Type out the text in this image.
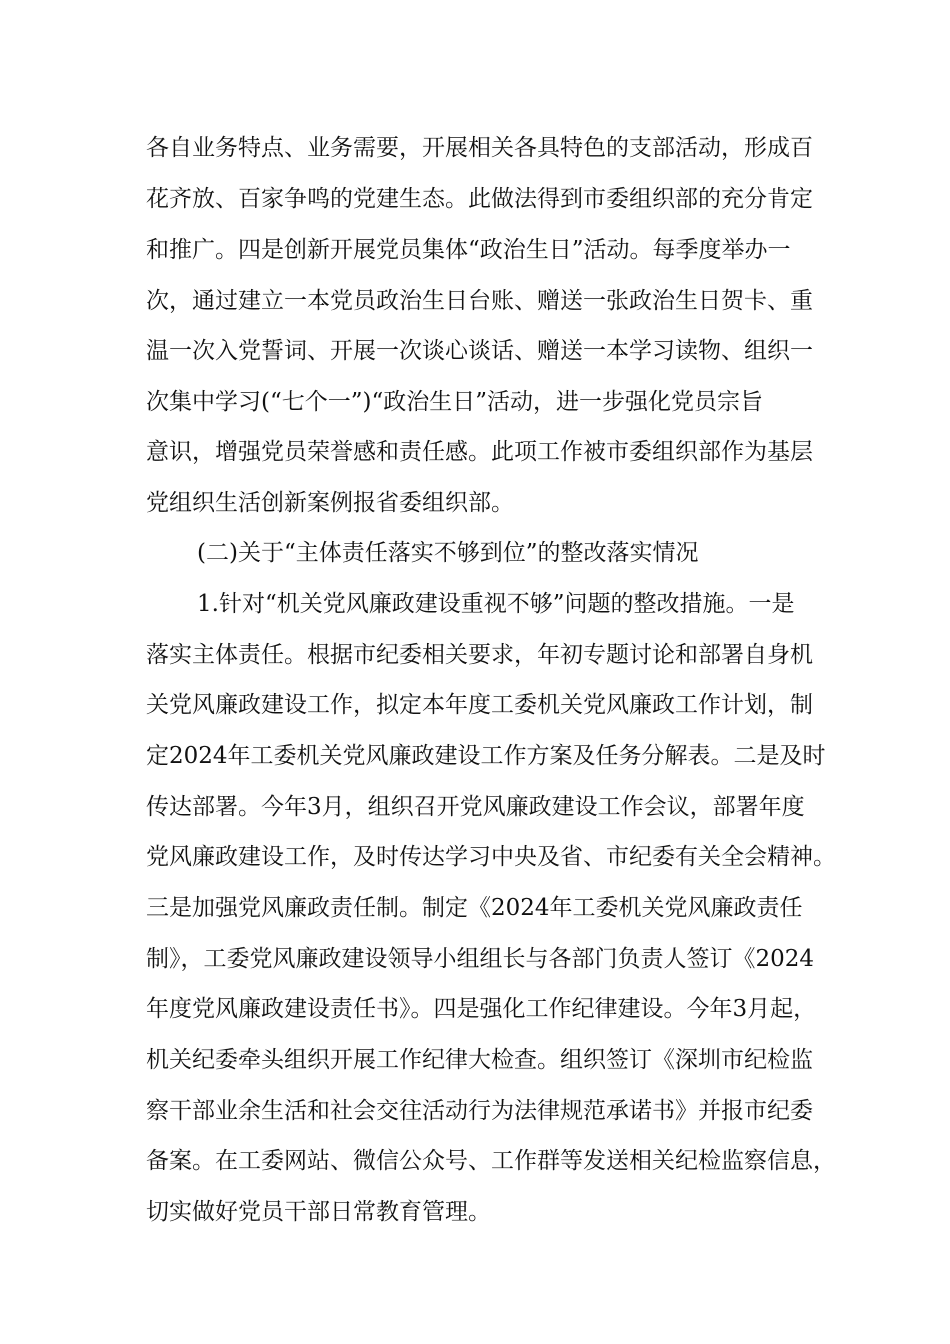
各自业务特点、业务需要，开展相关各具特色的支部活动，形成百
花齐放、百家争鸣的党建生态。此做法得到市委组织部的充分肯定
和推广。四是创新开展党员集体“政治生日”活动。每季度举办一
次，通过建立一本党员政治生日台账、赠送一张政治生日贺卡、重
温一次入党誓词、开展一次谈心谈话、赠送一本学习读物、组织一
次集中学习(“七个一”)“政治生日”活动，进一步强化党员宗旨
意识，增强党员荣誉感和责任感。此项工作被市委组织部作为基层
党组织生活创新案例报省委组织部。
(二)关于“主体责任落实不够到位”的整改落实情况
1.针对“机关党风廉政建设重视不够”问题的整改措施。一是
落实主体责任。根据市纪委相关要求，年初专题讨论和部署自身机
关党风廉政建设工作，拟定本年度工委机关党风廉政工作计划，制
定2024年工委机关党风廉政建设工作方案及任务分解表。二是及时
传达部署。今年3月，组织召开党风廉政建设工作会议，部署年度
党风廉政建设工作，及时传达学习中央及省、市纪委有关全会精神。
三是加强党风廉政责任制。制定《2024年工委机关党风廉政责任
制》，工委党风廉政建设领导小组组长与各部门负责人签订《2024
年度党风廉政建设责任书》。四是强化工作纪律建设。今年3月起，
机关纪委牵头组织开展工作纪律大检查。组织签订《深圳市纪检监
察干部业余生活和社会交往活动行为法律规范承诺书》并报市纪委
备案。在工委网站、微信公众号、工作群等发送相关纪检监察信息，
切实做好党员干部日常教育管理。
